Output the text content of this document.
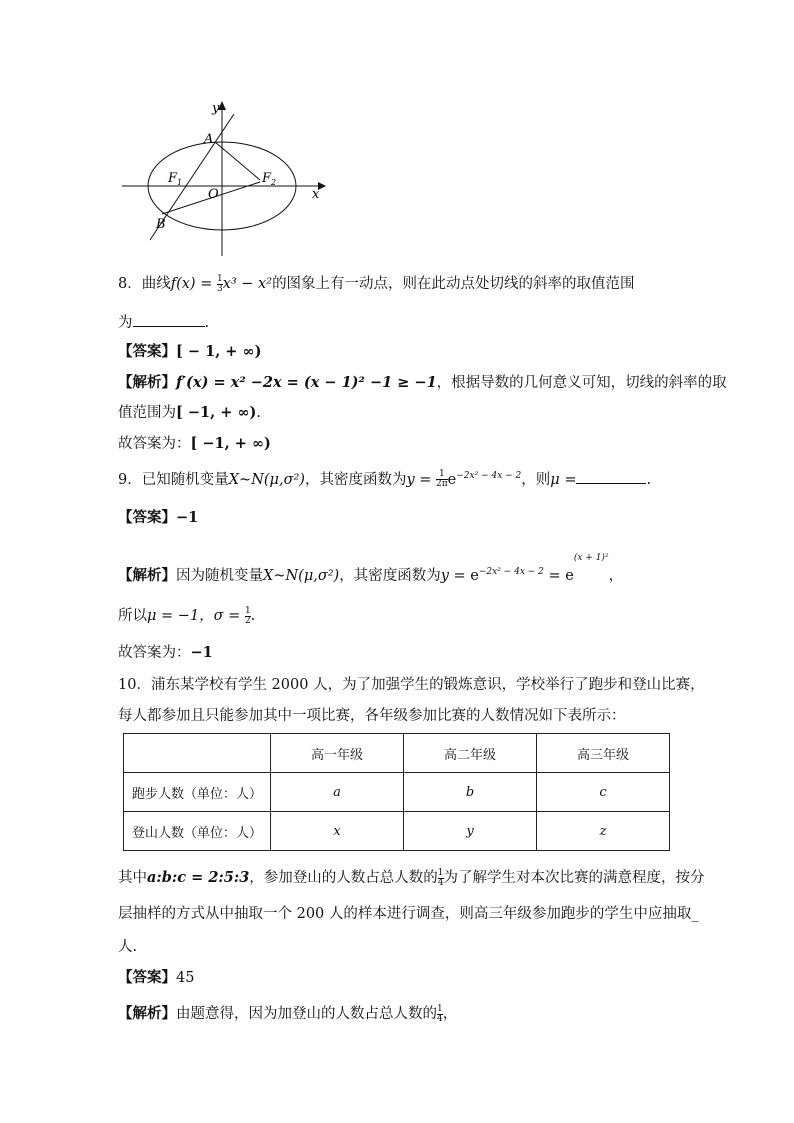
y
A
$F_1$
O
$F_2$
x
B
8．曲线$f(x) = \frac{1}{3} x^3 - x^2$的图象上有一动点，则在此动点处切线的斜率的取值范围
为	.
【答案】[ − 1, + ∞)
【解析】f′(x) = x² −2x = (x − 1)² −1 ≥ −1，根据导数的几何意义可知，切线的斜率的取
值范围为[ −1, + ∞).
故答案为：[ −1, + ∞)
9．已知随机变量X~N(μ,σ²)，其密度函数为$y = \frac{1}{2\pi} e^{-2x^2 - 4x - 2}$，则μ =	.
【答案】−1
【解析】因为随机变量X~N(μ,σ²)，其密度函数为$y = e^{-2x^2 - 4x - 2} = e^{(x + 1)^2}$，
所以μ = −1，$\sigma = \frac{1}{2}$ .
故答案为：−1
10．浦东某学校有学生 2000 人，为了加强学生的锻炼意识，学校举行了跑步和登山比赛，
每人都参加且只能参加其中一项比赛，各年级参加比赛的人数情况如下表所示：
	高一年级	高二年级	高三年级
跑步人数（单位：人）	a	b	c
登山人数（单位：人）	x	y	z
其中a:b:c = 2:5:3，参加登山的人数占总人数的 $\frac{1}{4}$ 为了解学生对本次比赛的满意程度，按分
层抽样的方式从中抽取一个 200 人的样本进行调查，则高三年级参加跑步的学生中应抽取_
人.
【答案】45
【解析】由题意得，因为加登山的人数占总人数的 $\frac{1}{4}$ ，
